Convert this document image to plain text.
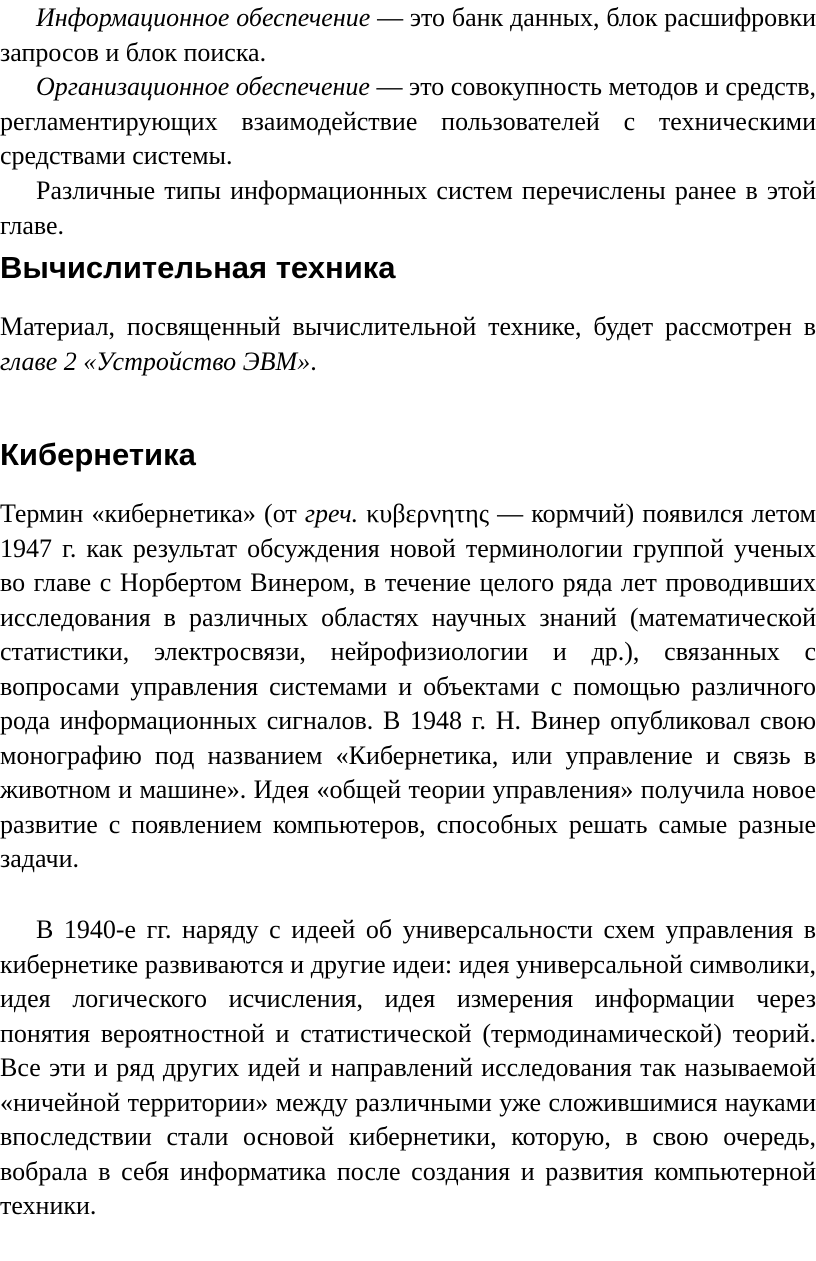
Информационное обеспечение — это банк данных, блок расшифровки запросов и блок поиска.

Организационное обеспечение — это совокупность методов и средств, регламентирующих взаимодействие пользователей с техническими средствами системы.

Различные типы информационных систем перечислены ранее в этой главе.

Вычислительная техника

Материал, посвященный вычислительной технике, будет рассмотрен в главе 2 «Устройство ЭВМ».

Кибернетика

Термин «кибернетика» (от греч. κυβερνητης — кормчий) появился летом 1947 г. как результат обсуждения новой терминологии группой ученых во главе с Норбертом Винером, в течение целого ряда лет проводивших исследования в различных областях научных знаний (математической статистики, электросвязи, нейрофизиологии и др.), связанных с вопросами управления системами и объектами с помощью различного рода информационных сигналов. В 1948 г. Н. Винер опубликовал свою монографию под названием «Кибернетика, или управление и связь в животном и машине». Идея «общей теории управления» получила новое развитие с появлением компьютеров, способных решать самые разные задачи.

В 1940-е гг. наряду с идеей об универсальности схем управления в кибернетике развиваются и другие идеи: идея универсальной символики, идея логического исчисления, идея измерения информации через понятия вероятностной и статистической (термодинамической) теорий. Все эти и ряд других идей и направлений исследования так называемой «ничейной территории» между различными уже сложившимися науками впоследствии стали основой кибернетики, которую, в свою очередь, вобрала в себя информатика после создания и развития компьютерной техники.
